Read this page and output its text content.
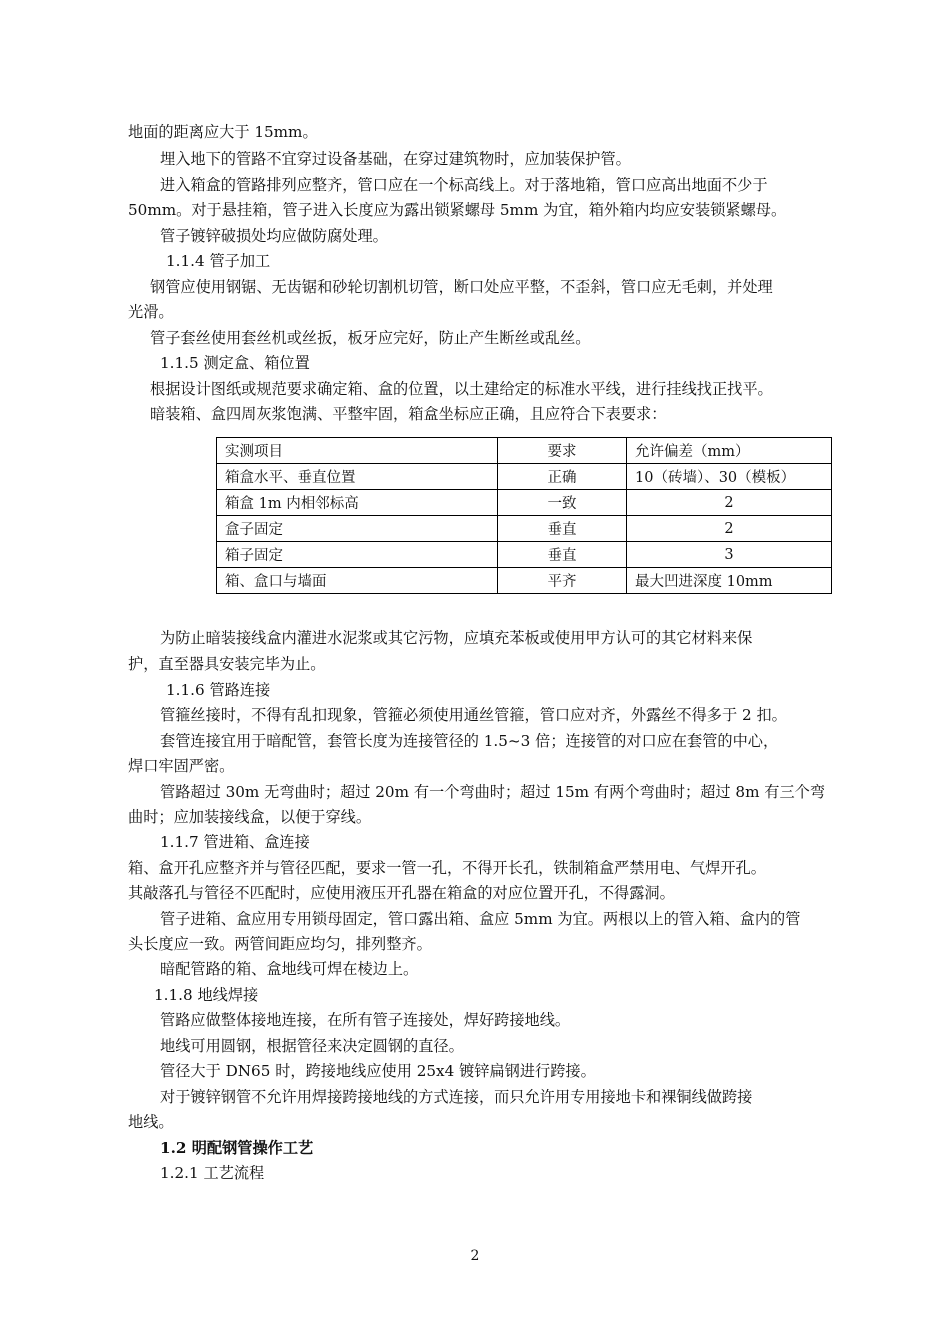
地面的距离应大于 15mm。
埋入地下的管路不宜穿过设备基础，在穿过建筑物时，应加装保护管。
进入箱盒的管路排列应整齐，管口应在一个标高线上。对于落地箱，管口应高出地面不少于
50mm。对于悬挂箱，管子进入长度应为露出锁紧螺母 5mm 为宜，箱外箱内均应安装锁紧螺母。
管子镀锌破损处均应做防腐处理。
1.1.4 管子加工
钢管应使用钢锯、无齿锯和砂轮切割机切管，断口处应平整，不歪斜，管口应无毛刺，并处理
光滑。
管子套丝使用套丝机或丝扳，板牙应完好，防止产生断丝或乱丝。
1.1.5 测定盒、箱位置
根据设计图纸或规范要求确定箱、盒的位置，以土建给定的标准水平线，进行挂线找正找平。
暗装箱、盒四周灰浆饱满、平整牢固，箱盒坐标应正确，且应符合下表要求：
实测项目	要求	允许偏差（mm）
箱盒水平、垂直位置	正确	10（砖墙）、30（模板）
箱盒 1m 内相邻标高	一致	2
盒子固定	垂直	2
箱子固定	垂直	3
箱、盒口与墙面	平齐	最大凹进深度 10mm
为防止暗装接线盒内灌进水泥浆或其它污物，应填充苯板或使用甲方认可的其它材料来保
护，直至器具安装完毕为止。
1.1.6 管路连接
管箍丝接时，不得有乱扣现象，管箍必须使用通丝管箍，管口应对齐，外露丝不得多于 2 扣。
套管连接宜用于暗配管，套管长度为连接管径的 1.5~3 倍；连接管的对口应在套管的中心，
焊口牢固严密。
管路超过 30m 无弯曲时；超过 20m 有一个弯曲时；超过 15m 有两个弯曲时；超过 8m 有三个弯
曲时；应加装接线盒，以便于穿线。
1.1.7 管进箱、盒连接
箱、盒开孔应整齐并与管径匹配，要求一管一孔，不得开长孔，铁制箱盒严禁用电、气焊开孔。
其敲落孔与管径不匹配时，应使用液压开孔器在箱盒的对应位置开孔，不得露洞。
管子进箱、盒应用专用锁母固定，管口露出箱、盒应 5mm 为宜。两根以上的管入箱、盒内的管
头长度应一致。两管间距应均匀，排列整齐。
暗配管路的箱、盒地线可焊在棱边上。
1.1.8 地线焊接
管路应做整体接地连接，在所有管子连接处，焊好跨接地线。
地线可用圆钢，根据管径来决定圆钢的直径。
管径大于 DN65 时，跨接地线应使用 25x4 镀锌扁钢进行跨接。
对于镀锌钢管不允许用焊接跨接地线的方式连接，而只允许用专用接地卡和裸铜线做跨接
地线。
1.2 明配钢管操作工艺
1.2.1 工艺流程
2
